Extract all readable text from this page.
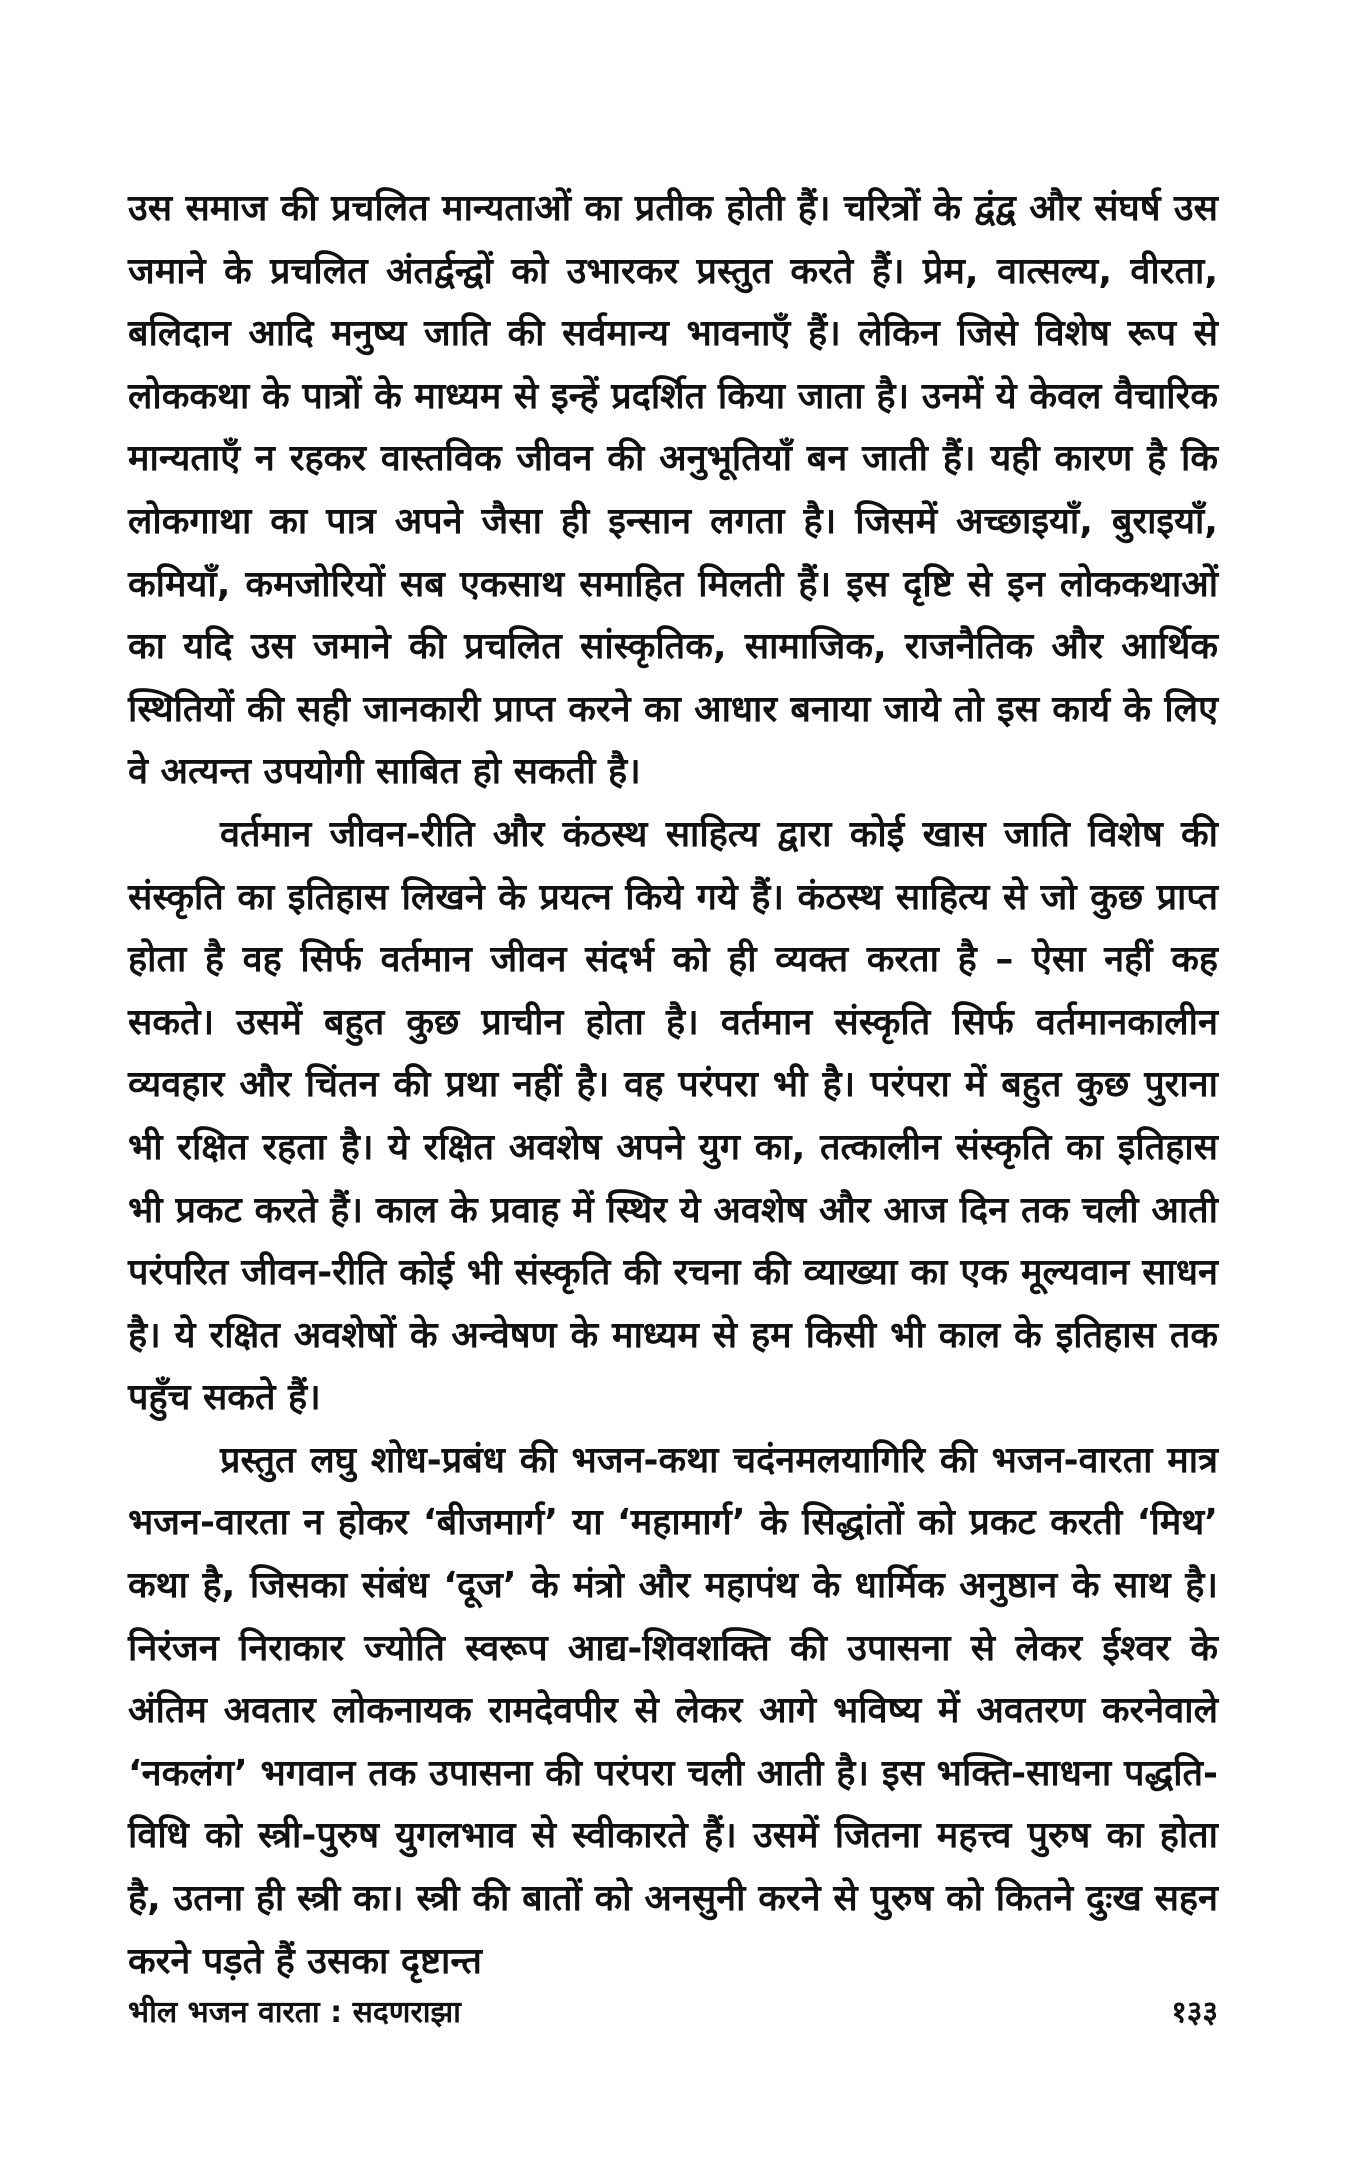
उस समाज की प्रचलित मान्यताओं का प्रतीक होती हैं। चरित्रों के द्वंद्व और संघर्ष उस जमाने के प्रचलित अंतर्द्वन्द्वों को उभारकर प्रस्तुत करते हैं। प्रेम, वात्सल्य, वीरता, बलिदान आदि मनुष्य जाति की सर्वमान्य भावनाएँ हैं। लेकिन जिसे विशेष रूप से लोककथा के पात्रों के माध्यम से इन्हें प्रदर्शित किया जाता है। उनमें ये केवल वैचारिक मान्यताएँ न रहकर वास्तविक जीवन की अनुभूतियाँ बन जाती हैं। यही कारण है कि लोकगाथा का पात्र अपने जैसा ही इन्सान लगता है। जिसमें अच्छाइयाँ, बुराइयाँ, कमियाँ, कमजोरियों सब एकसाथ समाहित मिलती हैं। इस दृष्टि से इन लोककथाओं का यदि उस जमाने की प्रचलित सांस्कृतिक, सामाजिक, राजनैतिक और आर्थिक स्थितियों की सही जानकारी प्राप्त करने का आधार बनाया जाये तो इस कार्य के लिए वे अत्यन्त उपयोगी साबित हो सकती है।

वर्तमान जीवन-रीति और कंठस्थ साहित्य द्वारा कोई खास जाति विशेष की संस्कृति का इतिहास लिखने के प्रयत्न किये गये हैं। कंठस्थ साहित्य से जो कुछ प्राप्त होता है वह सिर्फ वर्तमान जीवन संदर्भ को ही व्यक्त करता है – ऐसा नहीं कह सकते। उसमें बहुत कुछ प्राचीन होता है। वर्तमान संस्कृति सिर्फ वर्तमानकालीन व्यवहार और चिंतन की प्रथा नहीं है। वह परंपरा भी है। परंपरा में बहुत कुछ पुराना भी रक्षित रहता है। ये रक्षित अवशेष अपने युग का, तत्कालीन संस्कृति का इतिहास भी प्रकट करते हैं। काल के प्रवाह में स्थिर ये अवशेष और आज दिन तक चली आती परंपरित जीवन-रीति कोई भी संस्कृति की रचना की व्याख्या का एक मूल्यवान साधन है। ये रक्षित अवशेषों के अन्वेषण के माध्यम से हम किसी भी काल के इतिहास तक पहुँच सकते हैं।

प्रस्तुत लघु शोध-प्रबंध की भजन-कथा चदंनमलयागिरि की भजन-वारता मात्र भजन-वारता न होकर ‘बीजमार्ग’ या ‘महामार्ग’ के सिद्धांतों को प्रकट करती ‘मिथ’ कथा है, जिसका संबंध ‘दूज’ के मंत्रो और महापंथ के धार्मिक अनुष्ठान के साथ है। निरंजन निराकार ज्योति स्वरूप आद्य-शिवशक्ति की उपासना से लेकर ईश्वर के अंतिम अवतार लोकनायक रामदेवपीर से लेकर आगे भविष्य में अवतरण करनेवाले ‘नकलंग’ भगवान तक उपासना की परंपरा चली आती है। इस भक्ति-साधना पद्धति-विधि को स्त्री-पुरुष युगलभाव से स्वीकारते हैं। उसमें जितना महत्त्व पुरुष का होता है, उतना ही स्त्री का। स्त्री की बातों को अनसुनी करने से पुरुष को कितने दुःख सहन करने पड़ते हैं उसका दृष्टान्त

भील भजन वारता : सदणराझा	१३३
